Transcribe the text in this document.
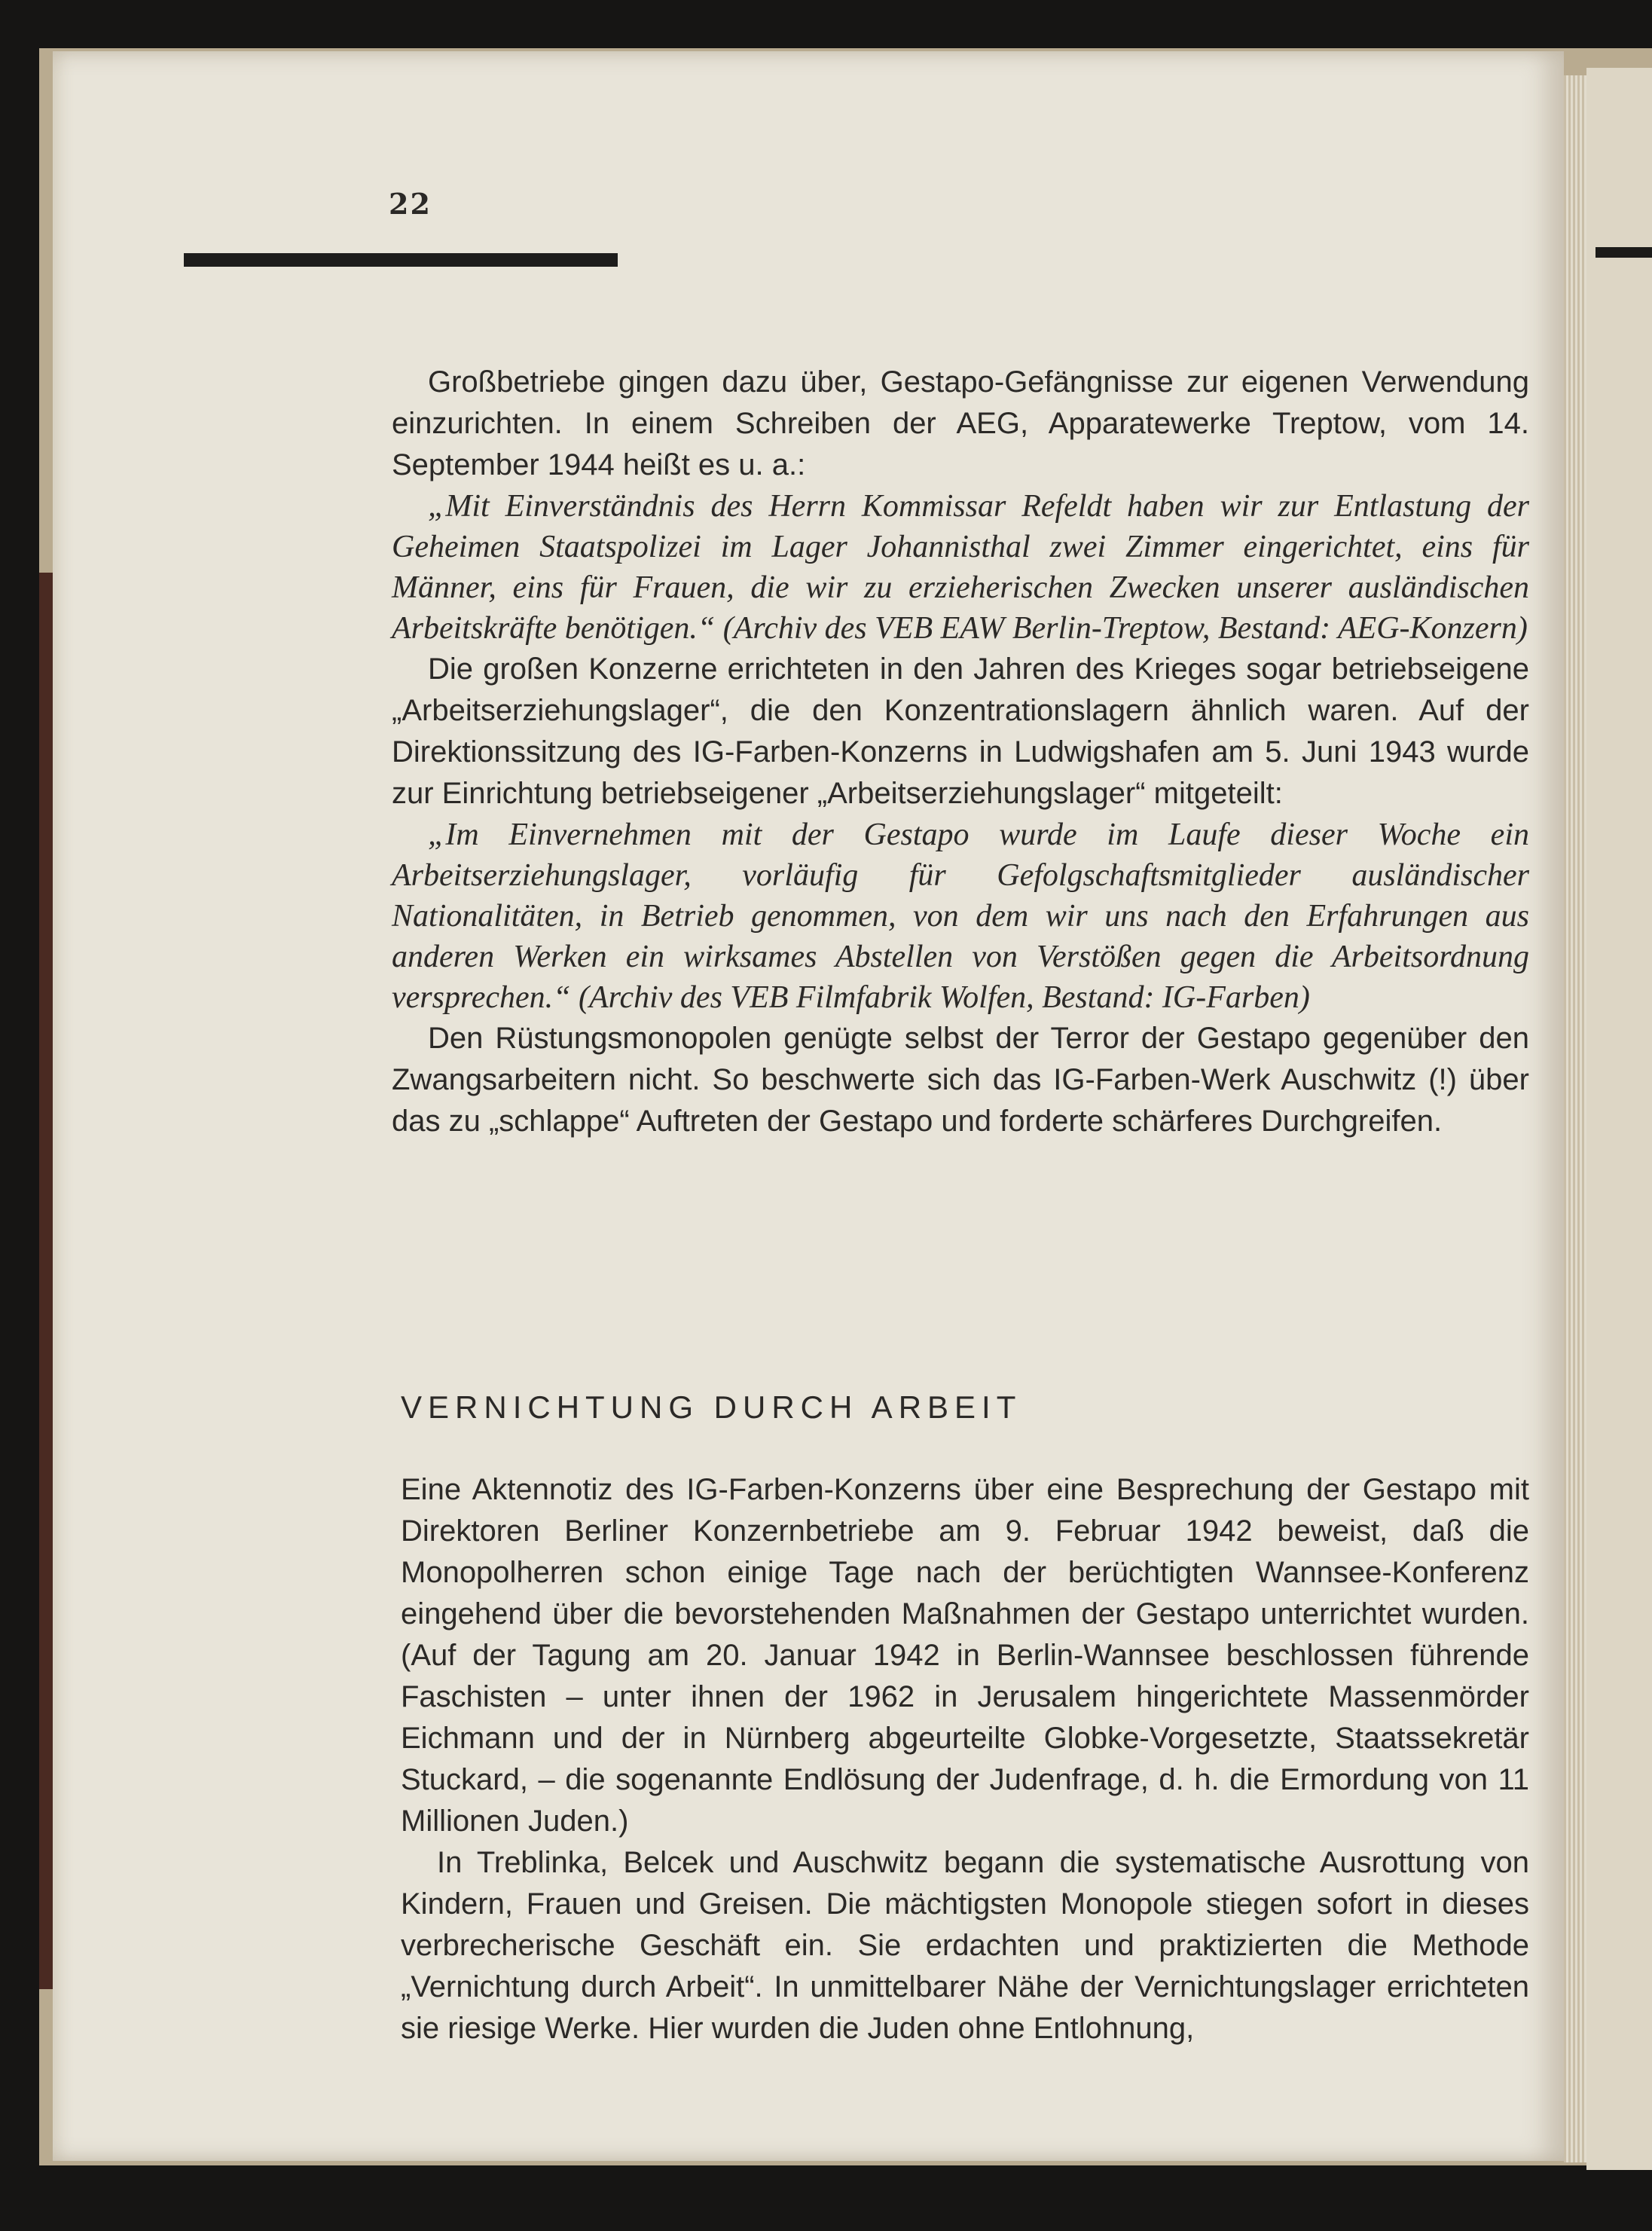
22

Großbetriebe gingen dazu über, Gestapo-Gefängnisse zur eigenen Verwendung einzurichten. In einem Schreiben der AEG, Apparatewerke Treptow, vom 14. September 1944 heißt es u. a.:

„Mit Einverständnis des Herrn Kommissar Refeldt haben wir zur Entlastung der Geheimen Staatspolizei im Lager Johannisthal zwei Zimmer eingerichtet, eins für Männer, eins für Frauen, die wir zu erzieherischen Zwecken unserer ausländischen Arbeitskräfte benötigen.“ (Archiv des VEB EAW Berlin-Treptow, Bestand: AEG-Konzern)

Die großen Konzerne errichteten in den Jahren des Krieges sogar betriebseigene „Arbeitserziehungslager“, die den Konzentrationslagern ähnlich waren. Auf der Direktionssitzung des IG-Farben-Konzerns in Ludwigshafen am 5. Juni 1943 wurde zur Einrichtung betriebseigener „Arbeitserziehungslager“ mitgeteilt:

„Im Einvernehmen mit der Gestapo wurde im Laufe dieser Woche ein Arbeitserziehungslager, vorläufig für Gefolgschaftsmitglieder ausländischer Nationalitäten, in Betrieb genommen, von dem wir uns nach den Erfahrungen aus anderen Werken ein wirksames Abstellen von Verstößen gegen die Arbeitsordnung versprechen.“ (Archiv des VEB Filmfabrik Wolfen, Bestand: IG-Farben)

Den Rüstungsmonopolen genügte selbst der Terror der Gestapo gegenüber den Zwangsarbeitern nicht. So beschwerte sich das IG-Farben-Werk Auschwitz (!) über das zu „schlappe“ Auftreten der Gestapo und forderte schärferes Durchgreifen.

VERNICHTUNG DURCH ARBEIT

Eine Aktennotiz des IG-Farben-Konzerns über eine Besprechung der Gestapo mit Direktoren Berliner Konzernbetriebe am 9. Februar 1942 beweist, daß die Monopolherren schon einige Tage nach der berüchtigten Wannsee-Konferenz eingehend über die bevorstehenden Maßnahmen der Gestapo unterrichtet wurden. (Auf der Tagung am 20. Januar 1942 in Berlin-Wannsee beschlossen führende Faschisten – unter ihnen der 1962 in Jerusalem hingerichtete Massenmörder Eichmann und der in Nürnberg abgeurteilte Globke-Vorgesetzte, Staatssekretär Stuckard, – die sogenannte Endlösung der Judenfrage, d. h. die Ermordung von 11 Millionen Juden.)

In Treblinka, Belcek und Auschwitz begann die systematische Ausrottung von Kindern, Frauen und Greisen. Die mächtigsten Monopole stiegen sofort in dieses verbrecherische Geschäft ein. Sie erdachten und praktizierten die Methode „Vernichtung durch Arbeit“. In unmittelbarer Nähe der Vernichtungslager errichteten sie riesige Werke. Hier wurden die Juden ohne Entlohnung,
